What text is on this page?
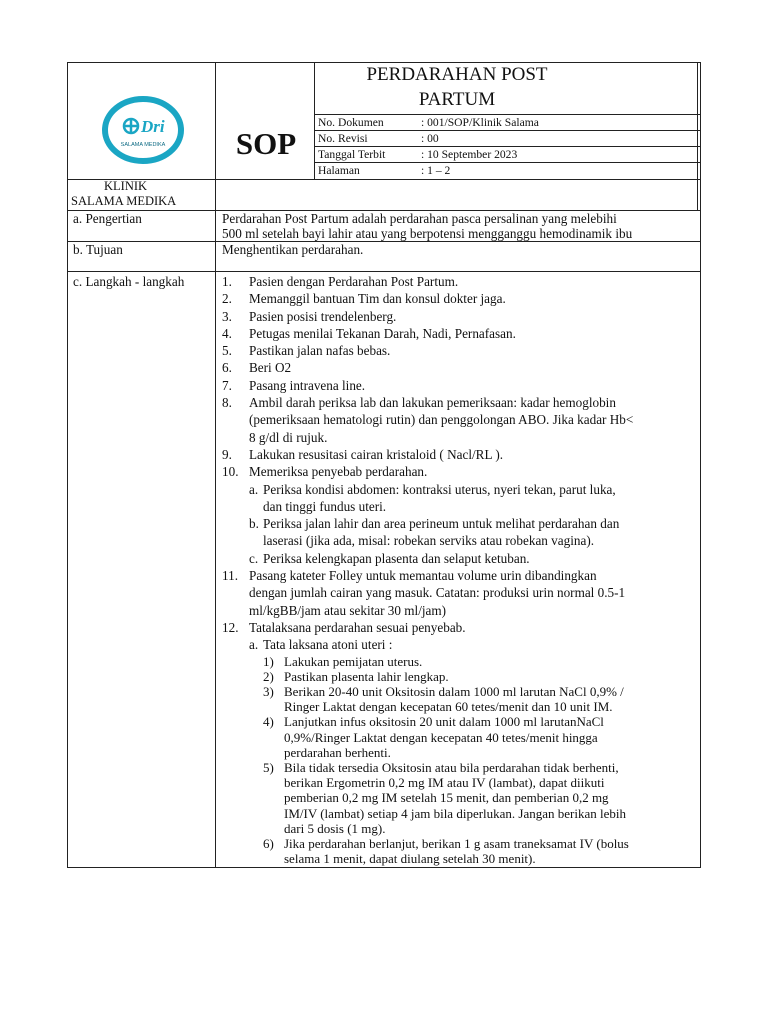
Dri
SALAMA MEDIKA
PERDARAHAN POST
PARTUM
SOP
No. Dokumen	: 001/SOP/Klinik Salama
No. Revisi	: 00
Tanggal Terbit	: 10 September 2023
Halaman	: 1 – 2
KLINIK
SALAMA MEDIKA
a. Pengertian	Perdarahan Post Partum adalah perdarahan pasca persalinan yang melebihi
500 ml setelah bayi lahir atau yang berpotensi mengganggu hemodinamik ibu
b. Tujuan	Menghentikan perdarahan.
c. Langkah - langkah	1. Pasien dengan Perdarahan Post Partum.
2. Memanggil bantuan Tim dan konsul dokter jaga.
3. Pasien posisi trendelenberg.
4. Petugas menilai Tekanan Darah, Nadi, Pernafasan.
5. Pastikan jalan nafas bebas.
6. Beri O2
7. Pasang intravena line.
8. Ambil darah periksa lab dan lakukan pemeriksaan: kadar hemoglobin
(pemeriksaan hematologi rutin) dan penggolongan ABO. Jika kadar Hb<
8 g/dl di rujuk.
9. Lakukan resusitasi cairan kristaloid ( Nacl/RL ).
10. Memeriksa penyebab perdarahan.
a. Periksa kondisi abdomen: kontraksi uterus, nyeri tekan, parut luka,
dan tinggi fundus uteri.
b. Periksa jalan lahir dan area perineum untuk melihat perdarahan dan
laserasi (jika ada, misal: robekan serviks atau robekan vagina).
c. Periksa kelengkapan plasenta dan selaput ketuban.
11. Pasang kateter Folley untuk memantau volume urin dibandingkan
dengan jumlah cairan yang masuk. Catatan: produksi urin normal 0.5-1
ml/kgBB/jam atau sekitar 30 ml/jam)
12. Tatalaksana perdarahan sesuai penyebab.
a. Tata laksana atoni uteri :
1) Lakukan pemijatan uterus.
2) Pastikan plasenta lahir lengkap.
3) Berikan 20-40 unit Oksitosin dalam 1000 ml larutan NaCl 0,9% /
Ringer Laktat dengan kecepatan 60 tetes/menit dan 10 unit IM.
4) Lanjutkan infus oksitosin 20 unit dalam 1000 ml larutanNaCl
0,9%/Ringer Laktat dengan kecepatan 40 tetes/menit hingga
perdarahan berhenti.
5) Bila tidak tersedia Oksitosin atau bila perdarahan tidak berhenti,
berikan Ergometrin 0,2 mg IM atau IV (lambat), dapat diikuti
pemberian 0,2 mg IM setelah 15 menit, dan pemberian 0,2 mg
IM/IV (lambat) setiap 4 jam bila diperlukan. Jangan berikan lebih
dari 5 dosis (1 mg).
6) Jika perdarahan berlanjut, berikan 1 g asam traneksamat IV (bolus
selama 1 menit, dapat diulang setelah 30 menit).
